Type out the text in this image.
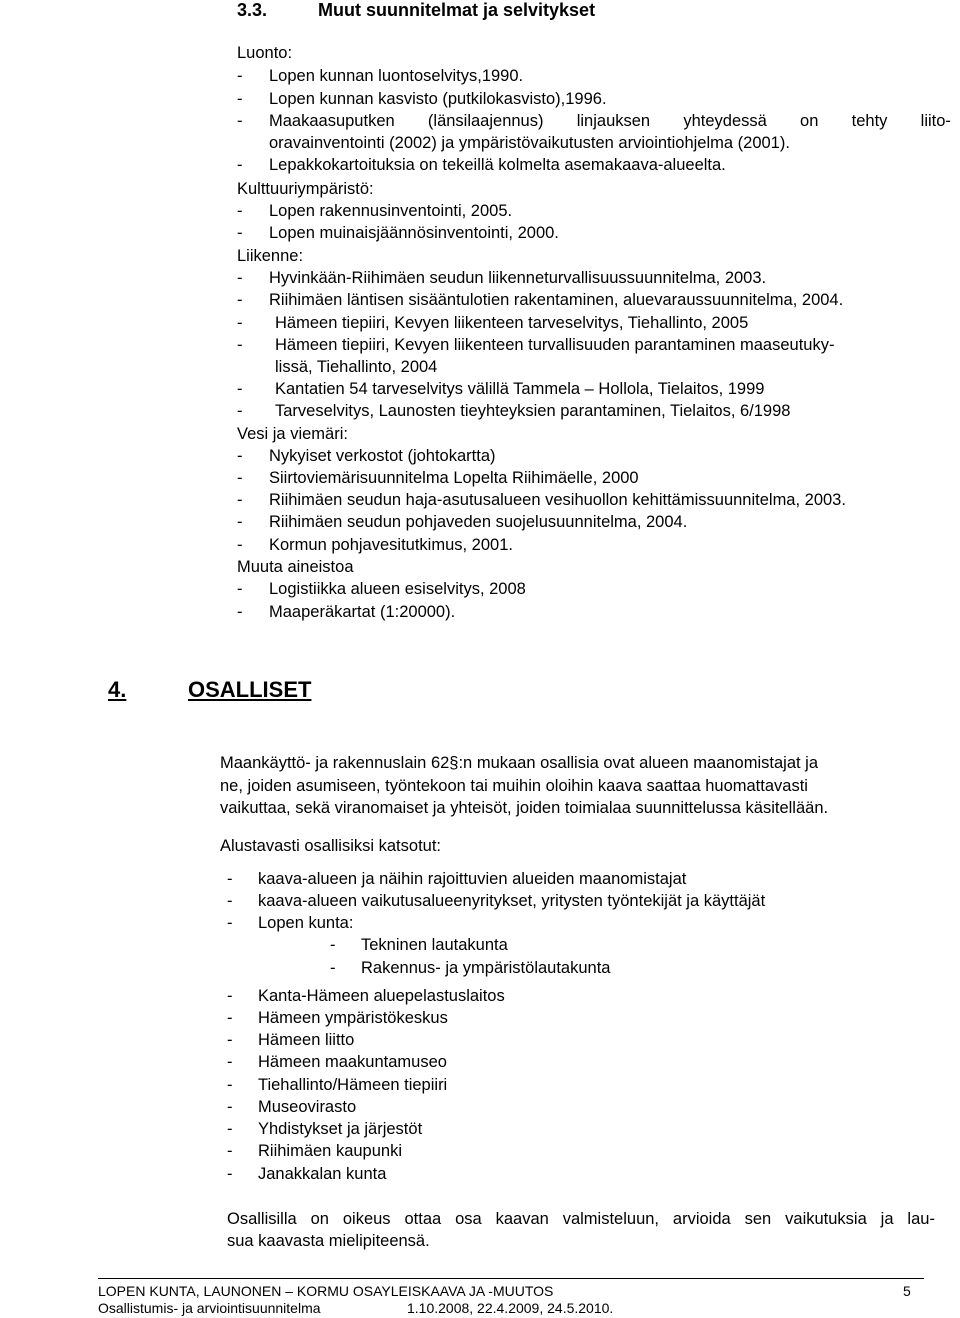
3.3.	Muut suunnitelmat ja selvitykset
Luonto:
- Lopen kunnan luontoselvitys,1990.
- Lopen kunnan kasvisto (putkilokasvisto),1996.
- Maakaasuputken (länsilaajennus) linjauksen yhteydessä on tehty liito-
oravainventointi (2002) ja ympäristövaikutusten arviointiohjelma (2001).
- Lepakkokartoituksia on tekeillä kolmelta asemakaava-alueelta.
Kulttuuriympäristö:
- Lopen rakennusinventointi, 2005.
- Lopen muinaisjäännösinventointi, 2000.
Liikenne:
- Hyvinkään-Riihimäen seudun liikenneturvallisuussuunnitelma, 2003.
- Riihimäen läntisen sisääntulotien rakentaminen, aluevaraussuunnitelma, 2004.
- Hämeen tiepiiri, Kevyen liikenteen tarveselvitys, Tiehallinto, 2005
- Hämeen tiepiiri, Kevyen liikenteen turvallisuuden parantaminen maaseutuky-
lissä, Tiehallinto, 2004
- Kantatien 54 tarveselvitys välillä Tammela – Hollola, Tielaitos, 1999
- Tarveselvitys, Launosten tieyhteyksien parantaminen, Tielaitos, 6/1998
Vesi ja viemäri:
- Nykyiset verkostot (johtokartta)
- Siirtoviemärisuunnitelma Lopelta Riihimäelle, 2000
- Riihimäen seudun haja-asutusalueen vesihuollon kehittämissuunnitelma, 2003.
- Riihimäen seudun pohjaveden suojelusuunnitelma, 2004.
- Kormun pohjavesitutkimus, 2001.
Muuta aineistoa
- Logistiikka alueen esiselvitys, 2008
- Maaperäkartat (1:20000).
4.	OSALLISET
Maankäyttö- ja rakennuslain 62§:n mukaan osallisia ovat alueen maanomistajat ja
ne, joiden asumiseen, työntekoon tai muihin oloihin kaava saattaa huomattavasti
vaikuttaa, sekä viranomaiset ja yhteisöt, joiden toimialaa suunnittelussa käsitellään.
Alustavasti osallisiksi katsotut:
- kaava-alueen ja näihin rajoittuvien alueiden maanomistajat
- kaava-alueen vaikutusalueenyritykset, yritysten työntekijät ja käyttäjät
- Lopen kunta:
- Tekninen lautakunta
- Rakennus- ja ympäristölautakunta
- Kanta-Hämeen aluepelastuslaitos
- Hämeen ympäristökeskus
- Hämeen liitto
- Hämeen maakuntamuseo
- Tiehallinto/Hämeen tiepiiri
- Museovirasto
- Yhdistykset ja järjestöt
- Riihimäen kaupunki
- Janakkalan kunta
Osallisilla on oikeus ottaa osa kaavan valmisteluun, arvioida sen vaikutuksia ja lau-
sua kaavasta mielipiteensä.
LOPEN KUNTA, LAUNONEN – KORMU OSAYLEISKAAVA JA -MUUTOS	5
Osallistumis- ja arviointisuunnitelma	1.10.2008, 22.4.2009, 24.5.2010.
